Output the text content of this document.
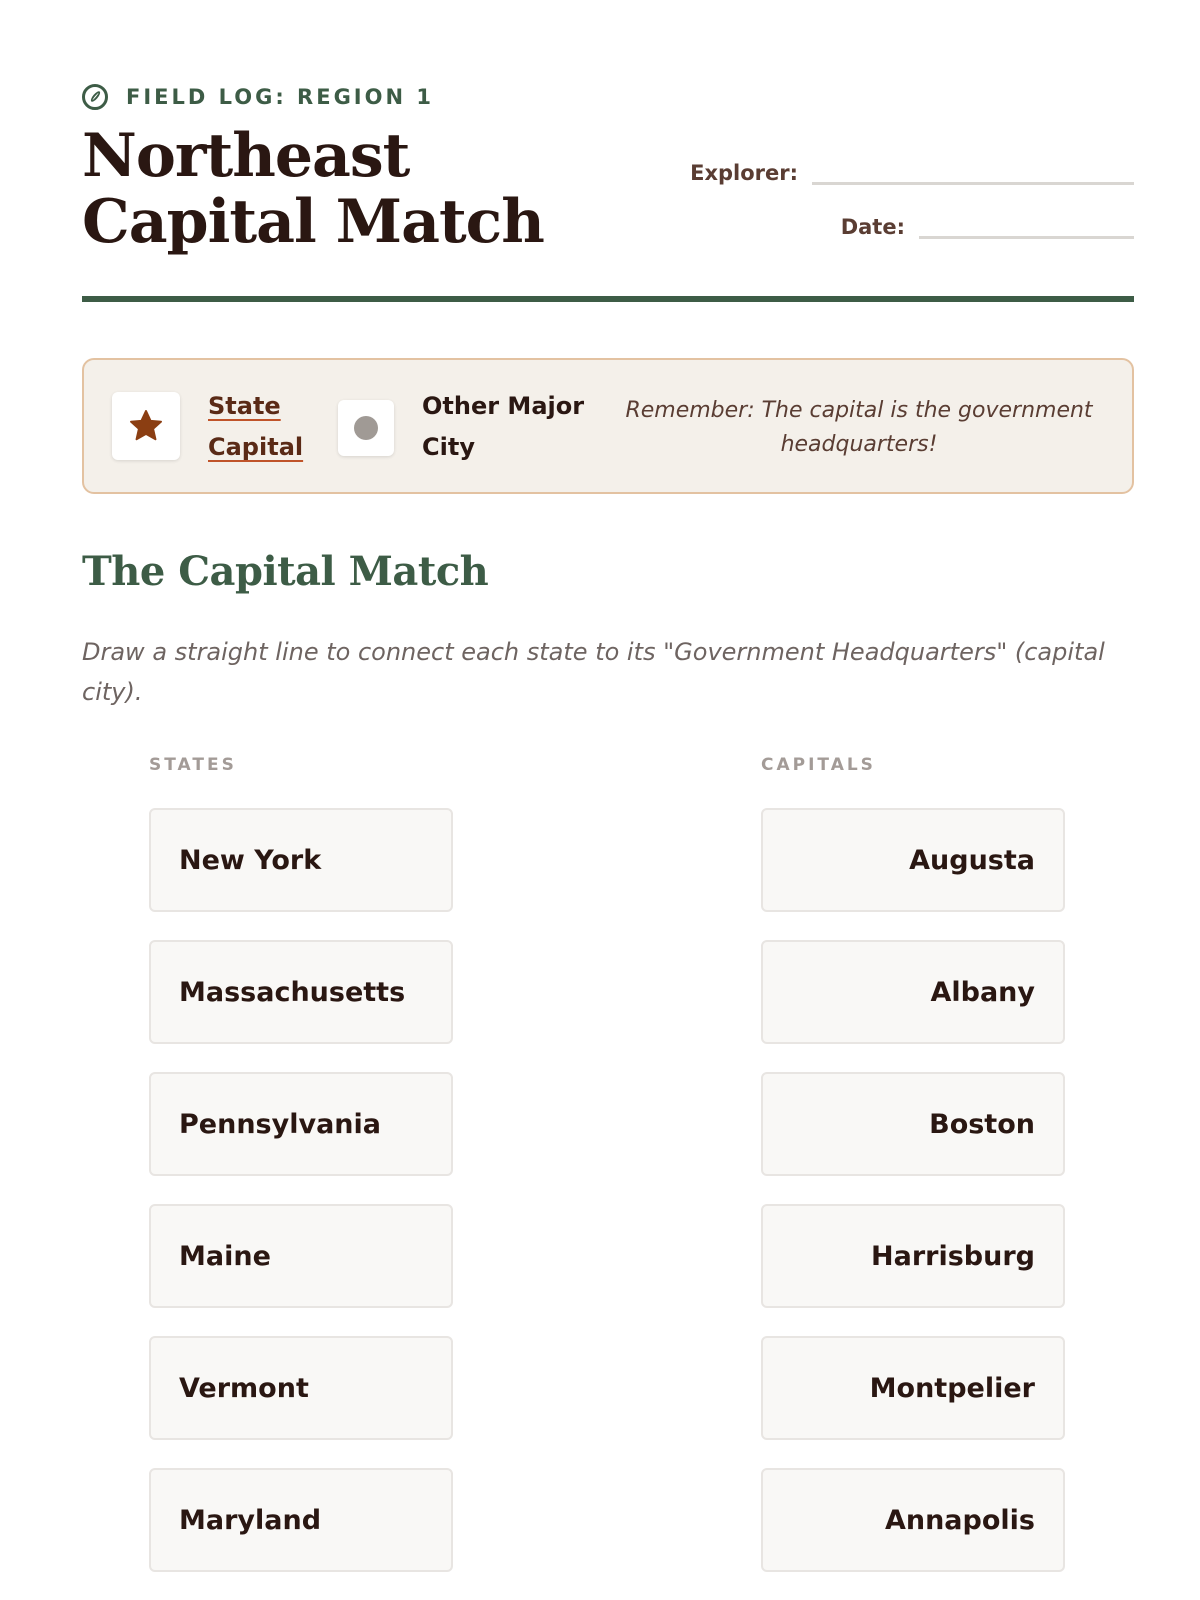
FIELD LOG: REGION 1
Northeast Capital Match
Explorer:
Date:
State Capital
Other Major City
Remember: The capital is the government headquarters!
The Capital Match

Draw a straight line to connect each state to its "Government Headquarters" (capital city).

STATES	CAPITALS
New York
Massachusetts
Pennsylvania
Maine
Vermont
Maryland
Augusta
Albany
Boston
Harrisburg
Montpelier
Annapolis
